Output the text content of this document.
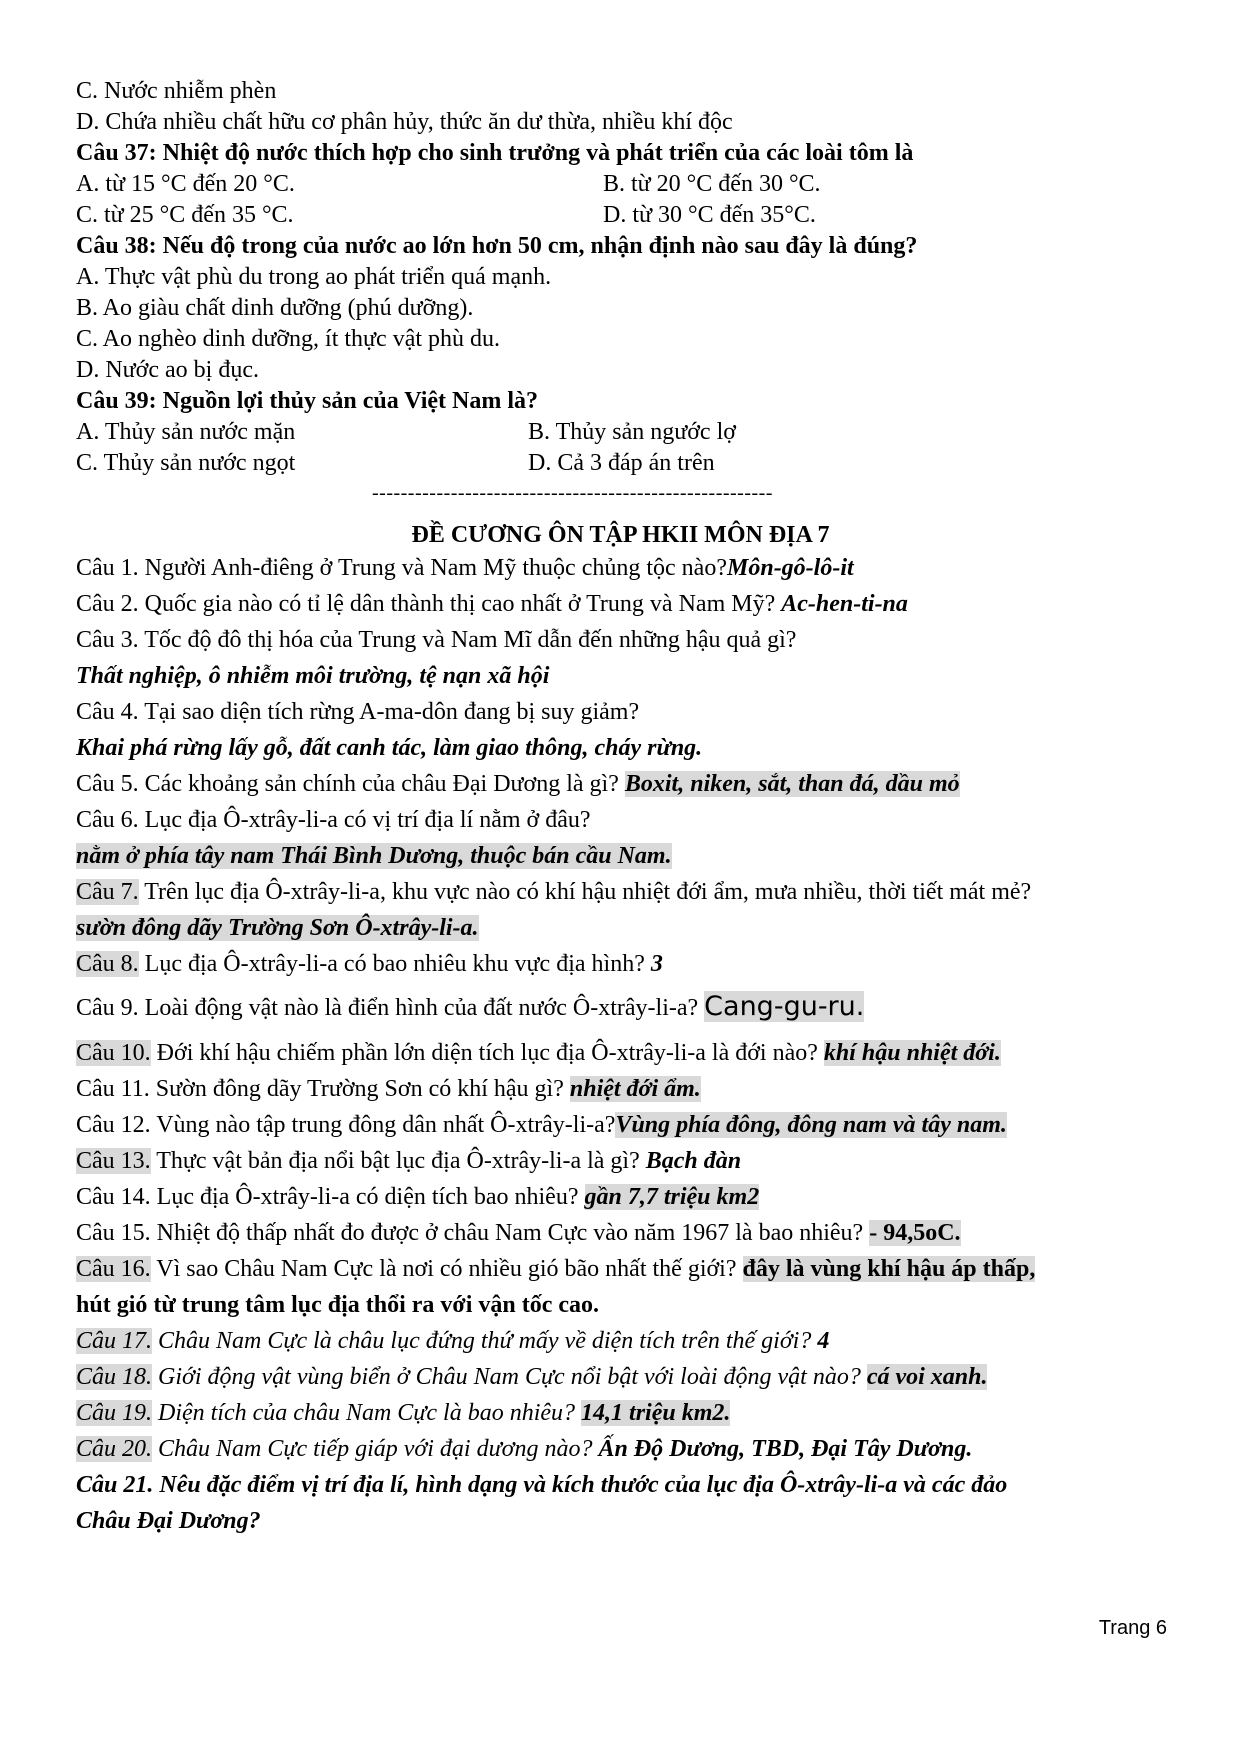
C. Nước nhiễm phèn
D. Chứa nhiều chất hữu cơ phân hủy, thức ăn dư thừa, nhiều khí độc
Câu 37: Nhiệt độ nước thích hợp cho sinh trưởng và phát triển của các loài tôm là
A. từ 15 °C đến 20 °C.	B. từ 20 °C đến 30 °C.
C. từ 25 °C đến 35 °C.	D. từ 30 °C đến 35°C.
Câu 38: Nếu độ trong của nước ao lớn hơn 50 cm, nhận định nào sau đây là đúng?
A. Thực vật phù du trong ao phát triển quá mạnh.
B. Ao giàu chất dinh dưỡng (phú dưỡng).
C. Ao nghèo dinh dưỡng, ít thực vật phù du.
D. Nước ao bị đục.
Câu 39: Nguồn lợi thủy sản của Việt Nam là?
A. Thủy sản nước mặn	B. Thủy sản ngước lợ
C. Thủy sản nước ngọt	D. Cả 3 đáp án trên
--------------------------------------------------------
ĐỀ CƯƠNG ÔN TẬP HKII MÔN ĐỊA 7
Câu 1. Người Anh-điêng ở Trung và Nam Mỹ thuộc chủng tộc nào?Môn-gô-lô-it
Câu 2. Quốc gia nào có tỉ lệ dân thành thị cao nhất ở Trung và Nam Mỹ? Ac-hen-ti-na
Câu 3. Tốc độ đô thị hóa của Trung và Nam Mĩ dẫn đến những hậu quả gì?
Thất nghiệp, ô nhiễm môi trường, tệ nạn xã hội
Câu 4. Tại sao diện tích rừng A-ma-dôn đang bị suy giảm?
Khai phá rừng lấy gỗ, đất canh tác, làm giao thông, cháy rừng.
Câu 5. Các khoảng sản chính của châu Đại Dương là gì? Boxit, niken, sắt, than đá, dầu mỏ
Câu 6. Lục địa Ô-xtrây-li-a có vị trí địa lí nằm ở đâu?
nằm ở phía tây nam Thái Bình Dương, thuộc bán cầu Nam.
Câu 7. Trên lục địa Ô-xtrây-li-a, khu vực nào có khí hậu nhiệt đới ẩm, mưa nhiều, thời tiết mát mẻ?
sườn đông dãy Trường Sơn Ô-xtrây-li-a.
Câu 8. Lục địa Ô-xtrây-li-a có bao nhiêu khu vực địa hình? 3
Câu 9. Loài động vật nào là điển hình của đất nước Ô-xtrây-li-a? Cang-gu-ru.
Câu 10. Đới khí hậu chiếm phần lớn diện tích lục địa Ô-xtrây-li-a là đới nào? khí hậu nhiệt đới.
Câu 11. Sườn đông dãy Trường Sơn có khí hậu gì? nhiệt đới ẩm.
Câu 12. Vùng nào tập trung đông dân nhất Ô-xtrây-li-a?Vùng phía đông, đông nam và tây nam.
Câu 13. Thực vật bản địa nổi bật lục địa Ô-xtrây-li-a là gì? Bạch đàn
Câu 14. Lục địa Ô-xtrây-li-a có diện tích bao nhiêu? gần 7,7 triệu km2
Câu 15. Nhiệt độ thấp nhất đo được ở châu Nam Cực vào năm 1967 là bao nhiêu? - 94,5oC.
Câu 16. Vì sao Châu Nam Cực là nơi có nhiều gió bão nhất thế giới? đây là vùng khí hậu áp thấp,
hút gió từ trung tâm lục địa thổi ra với vận tốc cao.
Câu 17. Châu Nam Cực là châu lục đứng thứ mấy về diện tích trên thế giới? 4
Câu 18. Giới động vật vùng biển ở Châu Nam Cực nổi bật với loài động vật nào? cá voi xanh.
Câu 19. Diện tích của châu Nam Cực là bao nhiêu? 14,1 triệu km2.
Câu 20. Châu Nam Cực tiếp giáp với đại dương nào? Ấn Độ Dương, TBD, Đại Tây Dương.
Câu 21. Nêu đặc điểm vị trí địa lí, hình dạng và kích thước của lục địa Ô-xtrây-li-a và các đảo
Châu Đại Dương?
Trang 6
